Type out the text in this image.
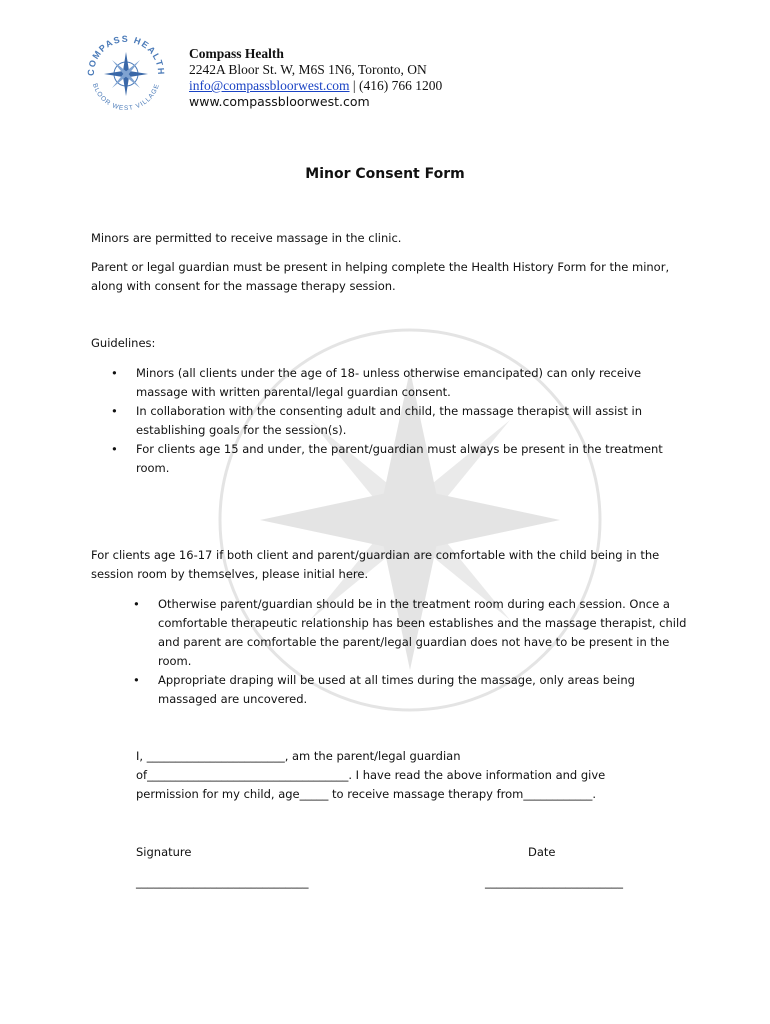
COMPASS HEALTH
BLOOR WEST VILLAGE
Compass Health
2242A Bloor St. W, M6S 1N6, Toronto, ON
info@compassbloorwest.com | (416) 766 1200
www.compassbloorwest.com
Minor Consent Form
Minors are permitted to receive massage in the clinic.
Parent or legal guardian must be present in helping complete the Health History Form for the minor, along with consent for the massage therapy session.
Guidelines:
• Minors (all clients under the age of 18- unless otherwise emancipated) can only receive massage with written parental/legal guardian consent.
• In collaboration with the consenting adult and child, the massage therapist will assist in establishing goals for the session(s).
• For clients age 15 and under, the parent/guardian must always be present in the treatment room.
For clients age 16-17 if both client and parent/guardian are comfortable with the child being in the session room by themselves, please initial here.
• Otherwise parent/guardian should be in the treatment room during each session. Once a comfortable therapeutic relationship has been establishes and the massage therapist, child and parent are comfortable the parent/legal guardian does not have to be present in the room.
• Appropriate draping will be used at all times during the massage, only areas being massaged are uncovered.
I, ________________________, am the parent/legal guardian
of___________________________________. I have read the above information and give
permission for my child, age_____ to receive massage therapy from____________.
Signature	Date
______________________________	________________________
